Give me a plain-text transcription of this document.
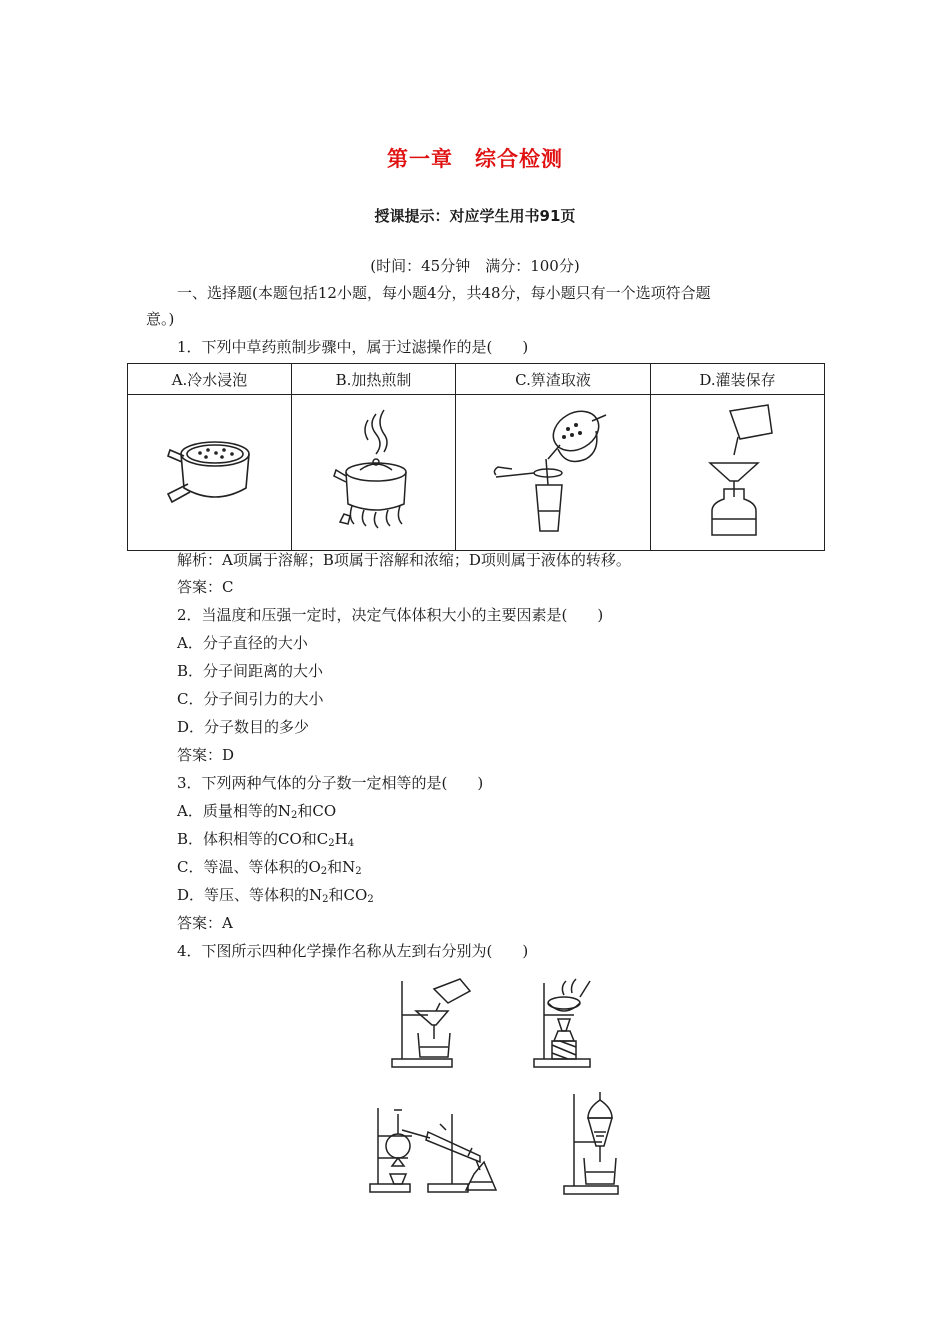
第一章　综合检测
授课提示：对应学生用书91页
(时间：45分钟　满分：100分)
一、选择题(本题包括12小题，每小题4分，共48分，每小题只有一个选项符合题
意。)
1．下列中草药煎制步骤中，属于过滤操作的是(　　)
A.冷水浸泡	B.加热煎制	C.箅渣取液	D.灌装保存

解析：A项属于溶解；B项属于溶解和浓缩；D项则属于液体的转移。
答案：C
2．当温度和压强一定时，决定气体体积大小的主要因素是(　　)
A．分子直径的大小
B．分子间距离的大小
C．分子间引力的大小
D．分子数目的多少
答案：D
3．下列两种气体的分子数一定相等的是(　　)
A．质量相等的$N_2$和CO
B．体积相等的CO和$C_2H_4$
C．等温、等体积的$O_2$和$N_2$
D．等压、等体积的$N_2$和$CO_2$
答案：A
4．下图所示四种化学操作名称从左到右分别为(　　)
